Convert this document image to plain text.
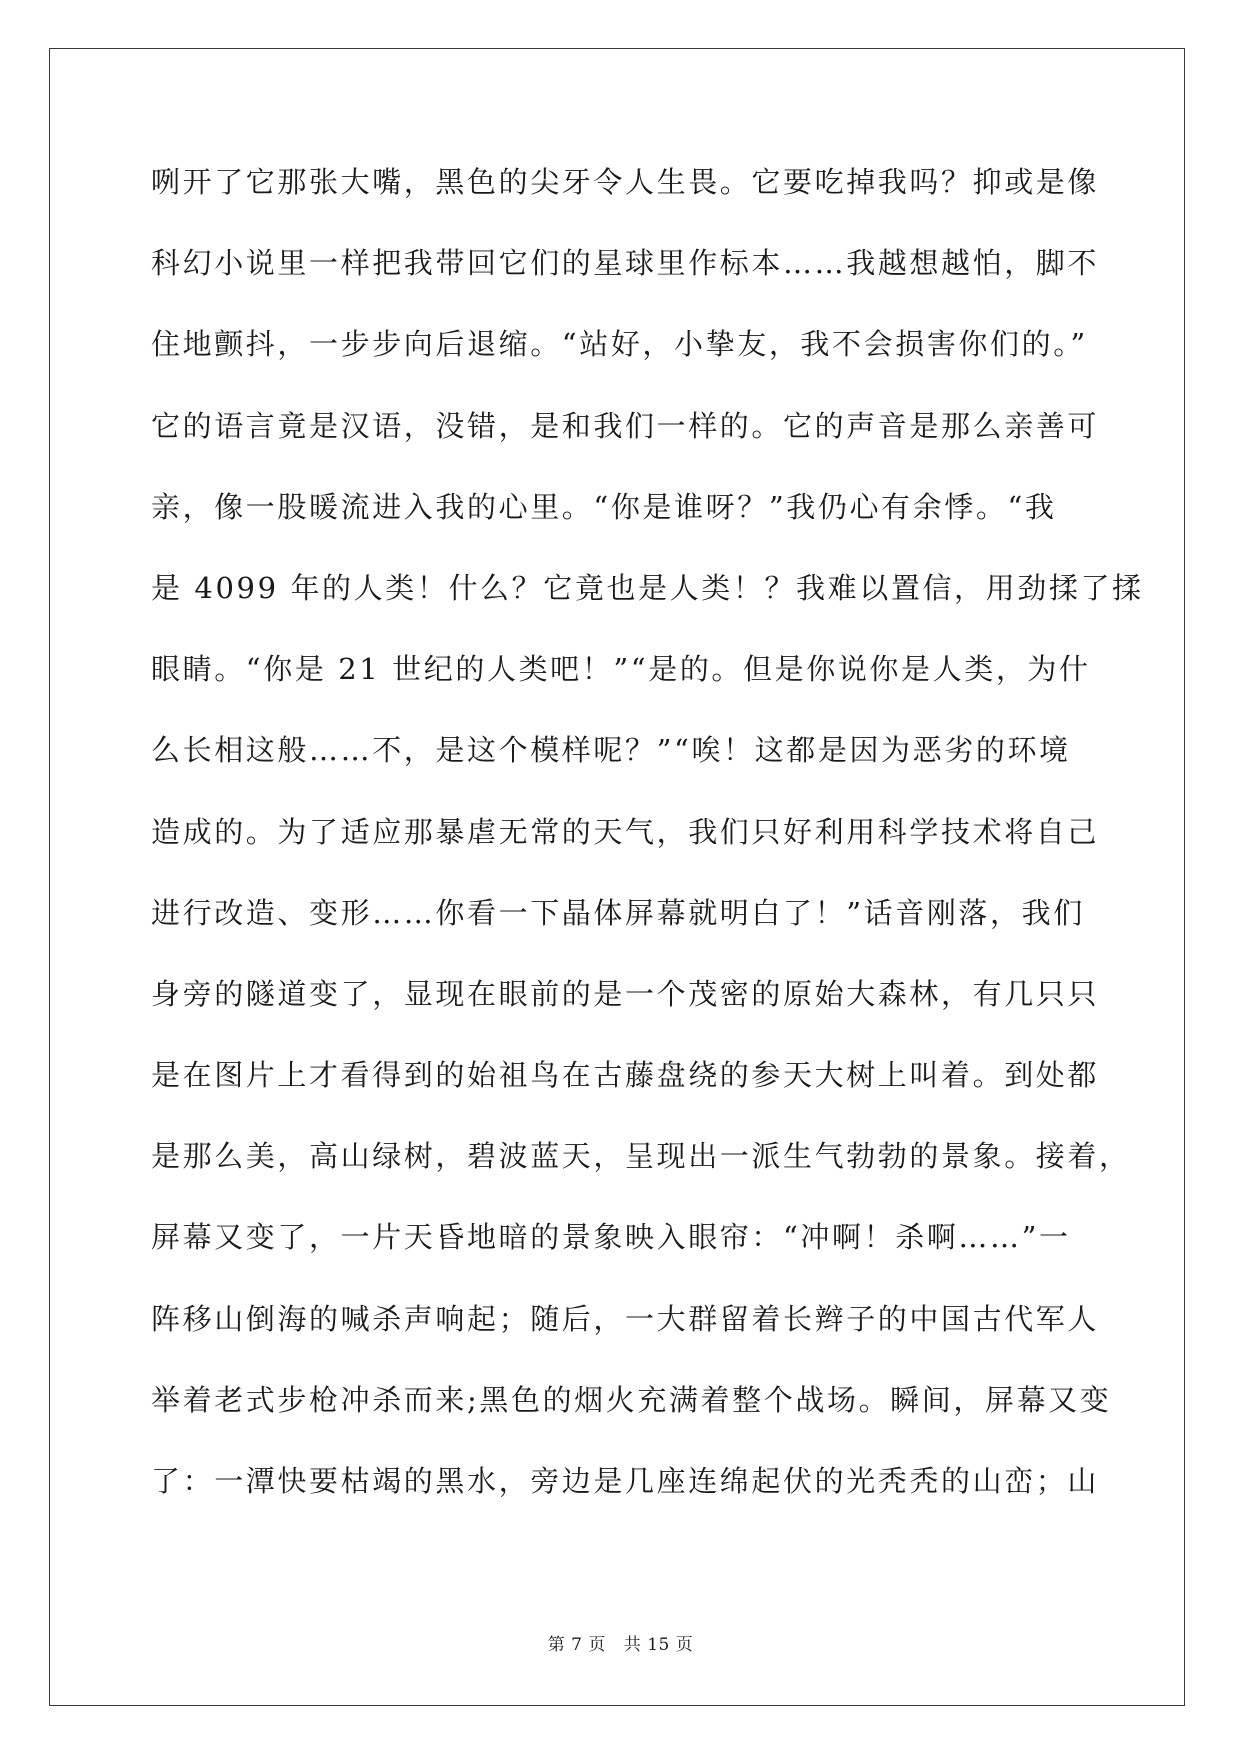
咧开了它那张大嘴，黑色的尖牙令人生畏。它要吃掉我吗？抑或是像
科幻小说里一样把我带回它们的星球里作标本……我越想越怕，脚不
住地颤抖，一步步向后退缩。“站好，小挚友，我不会损害你们的。”
它的语言竟是汉语，没错，是和我们一样的。它的声音是那么亲善可
亲，像一股暖流进入我的心里。“你是谁呀？”我仍心有余悸。“我
是 4099 年的人类！什么？它竟也是人类！？我难以置信，用劲揉了揉
眼睛。“你是 21 世纪的人类吧！”“是的。但是你说你是人类，为什
么长相这般……不，是这个模样呢？”“唉！这都是因为恶劣的环境
造成的。为了适应那暴虐无常的天气，我们只好利用科学技术将自己
进行改造、变形……你看一下晶体屏幕就明白了！”话音刚落，我们
身旁的隧道变了，显现在眼前的是一个茂密的原始大森林，有几只只
是在图片上才看得到的始祖鸟在古藤盘绕的参天大树上叫着。到处都
是那么美，高山绿树，碧波蓝天，呈现出一派生气勃勃的景象。接着，
屏幕又变了，一片天昏地暗的景象映入眼帘：“冲啊！杀啊……”一
阵移山倒海的喊杀声响起；随后，一大群留着长辫子的中国古代军人
举着老式步枪冲杀而来;黑色的烟火充满着整个战场。瞬间，屏幕又变
了：一潭快要枯竭的黑水，旁边是几座连绵起伏的光秃秃的山峦；山
第 7 页 共 15 页
